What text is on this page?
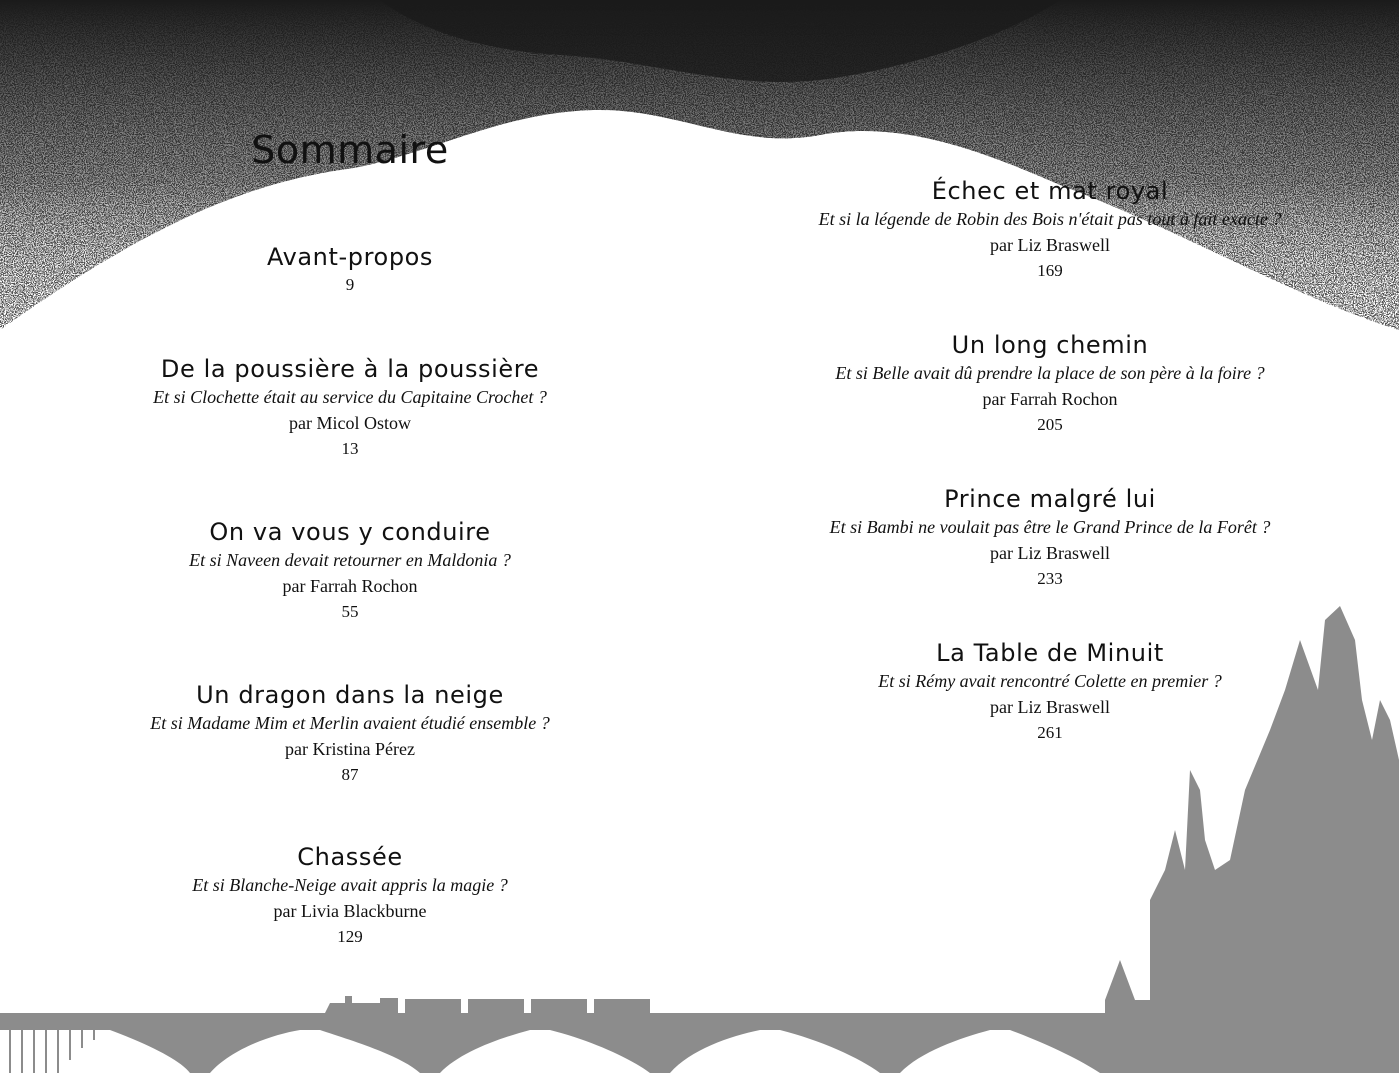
Sommaire

Avant-propos

9

De la poussière à la poussière

Et si Clochette était au service du Capitaine Crochet ?

par Micol Ostow

13

On va vous y conduire

Et si Naveen devait retourner en Maldonia ?

par Farrah Rochon

55

Un dragon dans la neige

Et si Madame Mim et Merlin avaient étudié ensemble ?

par Kristina Pérez

87

Chassée

Et si Blanche-Neige avait appris la magie ?

par Livia Blackburne

129

Échec et mat royal

Et si la légende de Robin des Bois n'était pas tout à fait exacte ?

par Liz Braswell

169

Un long chemin

Et si Belle avait dû prendre la place de son père à la foire ?

par Farrah Rochon

205

Prince malgré lui

Et si Bambi ne voulait pas être le Grand Prince de la Forêt ?

par Liz Braswell

233

La Table de Minuit

Et si Rémy avait rencontré Colette en premier ?

par Liz Braswell

261
